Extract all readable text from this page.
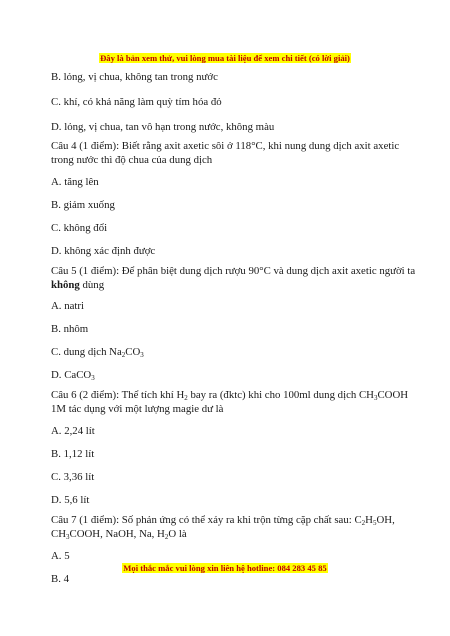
Đây là bản xem thử, vui lòng mua tài liệu để xem chi tiết (có lời giải)
B. lỏng, vị chua, không tan trong nước
C. khí, có khả năng làm quỳ tím hóa đỏ
D. lỏng, vị chua, tan vô hạn trong nước, không màu
Câu 4 (1 điểm): Biết rằng axit axetic sôi ở 118°C, khi nung dung dịch axit axetic
trong nước thì độ chua của dung dịch
A. tăng lên
B. giảm xuống
C. không đổi
D. không xác định được
Câu 5 (1 điểm): Để phân biệt dung dịch rượu 90°C và dung dịch axit axetic người ta
không dùng
A. natri
B. nhôm
C. dung dịch $Na_2CO_3$
D. CaCO$_3$
Câu 6 (2 điểm): Thể tích khí $H_2$ bay ra (đktc) khi cho 100ml dung dịch $CH_3COOH$
1M tác dụng với một lượng magie dư là
A. 2,24 lít
B. 1,12 lít
C. 3,36 lít
D. 5,6 lít
Câu 7 (1 điểm): Số phản ứng có thể xảy ra khi trộn từng cặp chất sau: $C_2H_5OH$,
$CH_3COOH$, NaOH, Na, $H_2O$ là
A. 5
B. 4
Mọi thắc mắc vui lòng xin liên hệ hotline: 084 283 45 85
